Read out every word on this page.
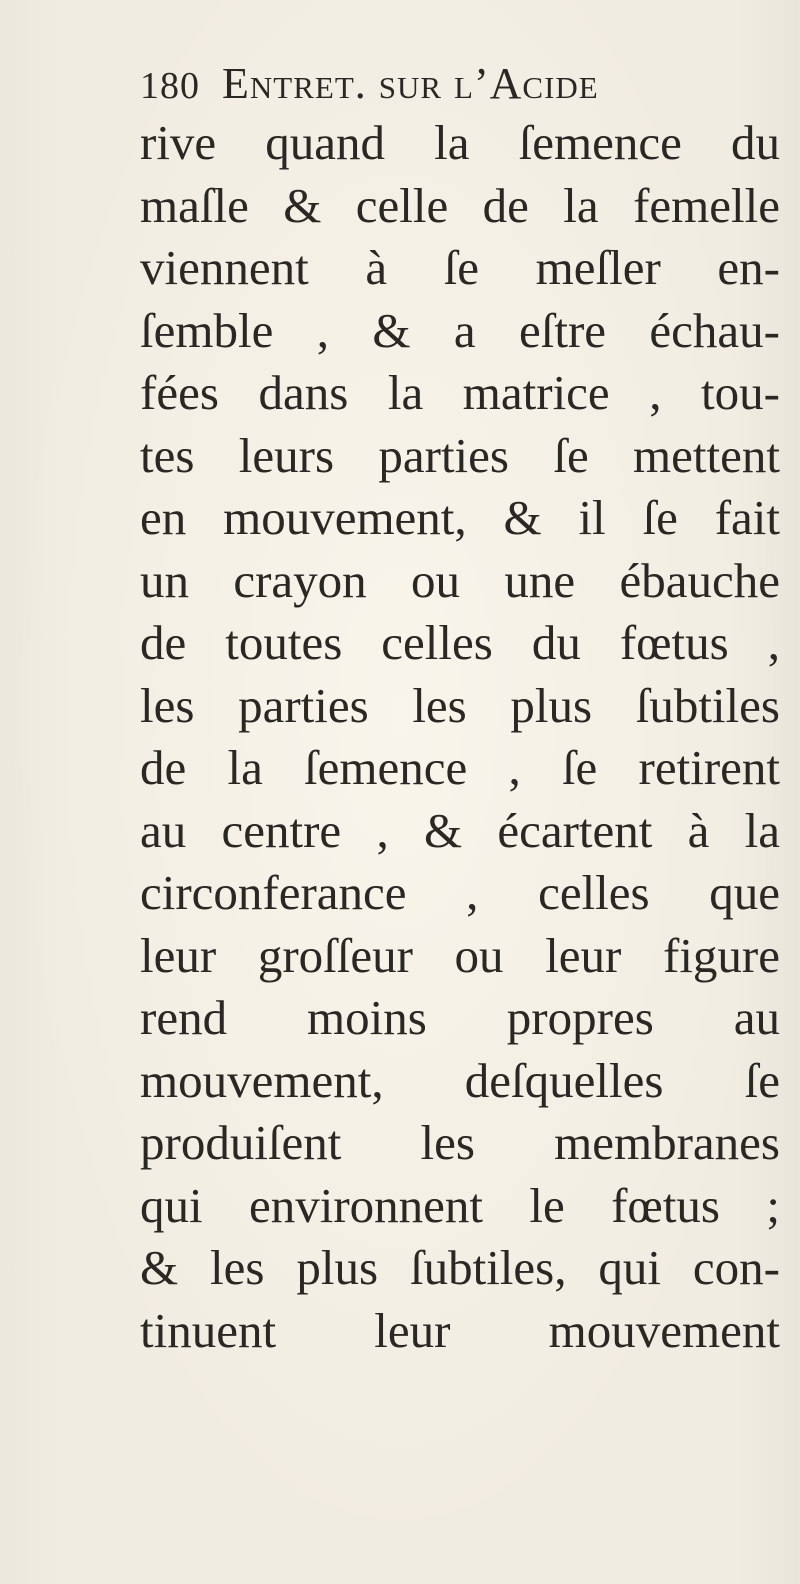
180 Entret. sur l’Acide
rive quand la ſemence du
maſle & celle de la femelle
viennent à ſe meſler en-
ſemble , & a eſtre échau-
fées dans la matrice , tou-
tes leurs parties ſe mettent
en mouvement, & il ſe fait
un crayon ou une ébauche
de toutes celles du fœtus ,
les parties les plus ſubtiles
de la ſemence , ſe retirent
au centre , & écartent à la
circonferance , celles que
leur groſſeur ou leur figure
rend moins propres au
mouvement, deſquelles ſe
produiſent les membranes
qui environnent le fœtus ;
& les plus ſubtiles, qui con-
tinuent leur mouvement
